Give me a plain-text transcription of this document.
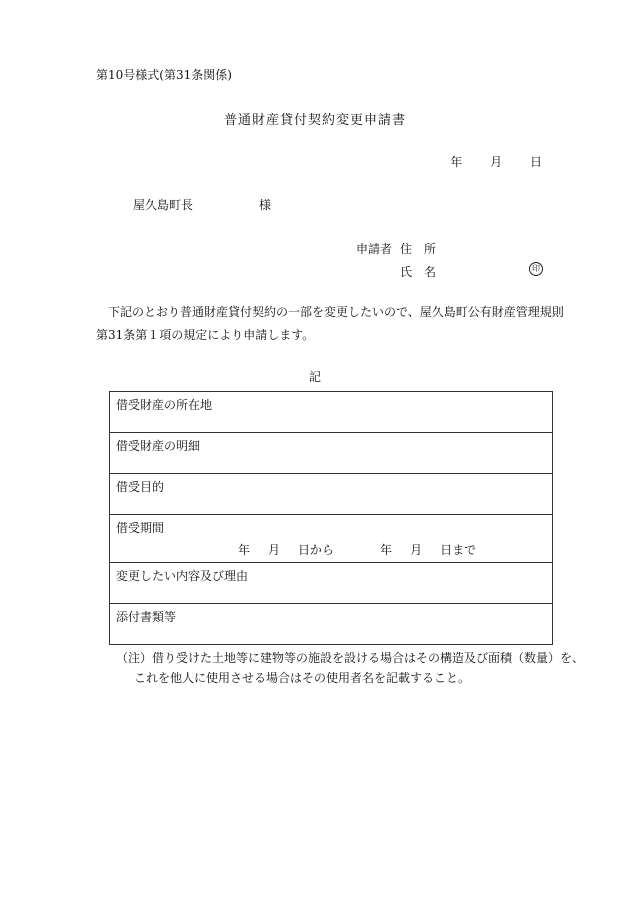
第10号様式(第31条関係)
普通財産貸付契約変更申請書
年 月 日
屋久島町長	様
申請者 住　所
氏　名	印
下記のとおり普通財産貸付契約の一部を変更したいので、屋久島町公有財産管理規則第31条第１項の規定により申請します。
記
借受財産の所在地
借受財産の明細
借受目的
借受期間
年 月 日から	年 月 日まで

変更したい内容及び理由
添付書類等
（注）借り受けた土地等に建物等の施設を設ける場合はその構造及び面積（数量）を、
これを他人に使用させる場合はその使用者名を記載すること。
